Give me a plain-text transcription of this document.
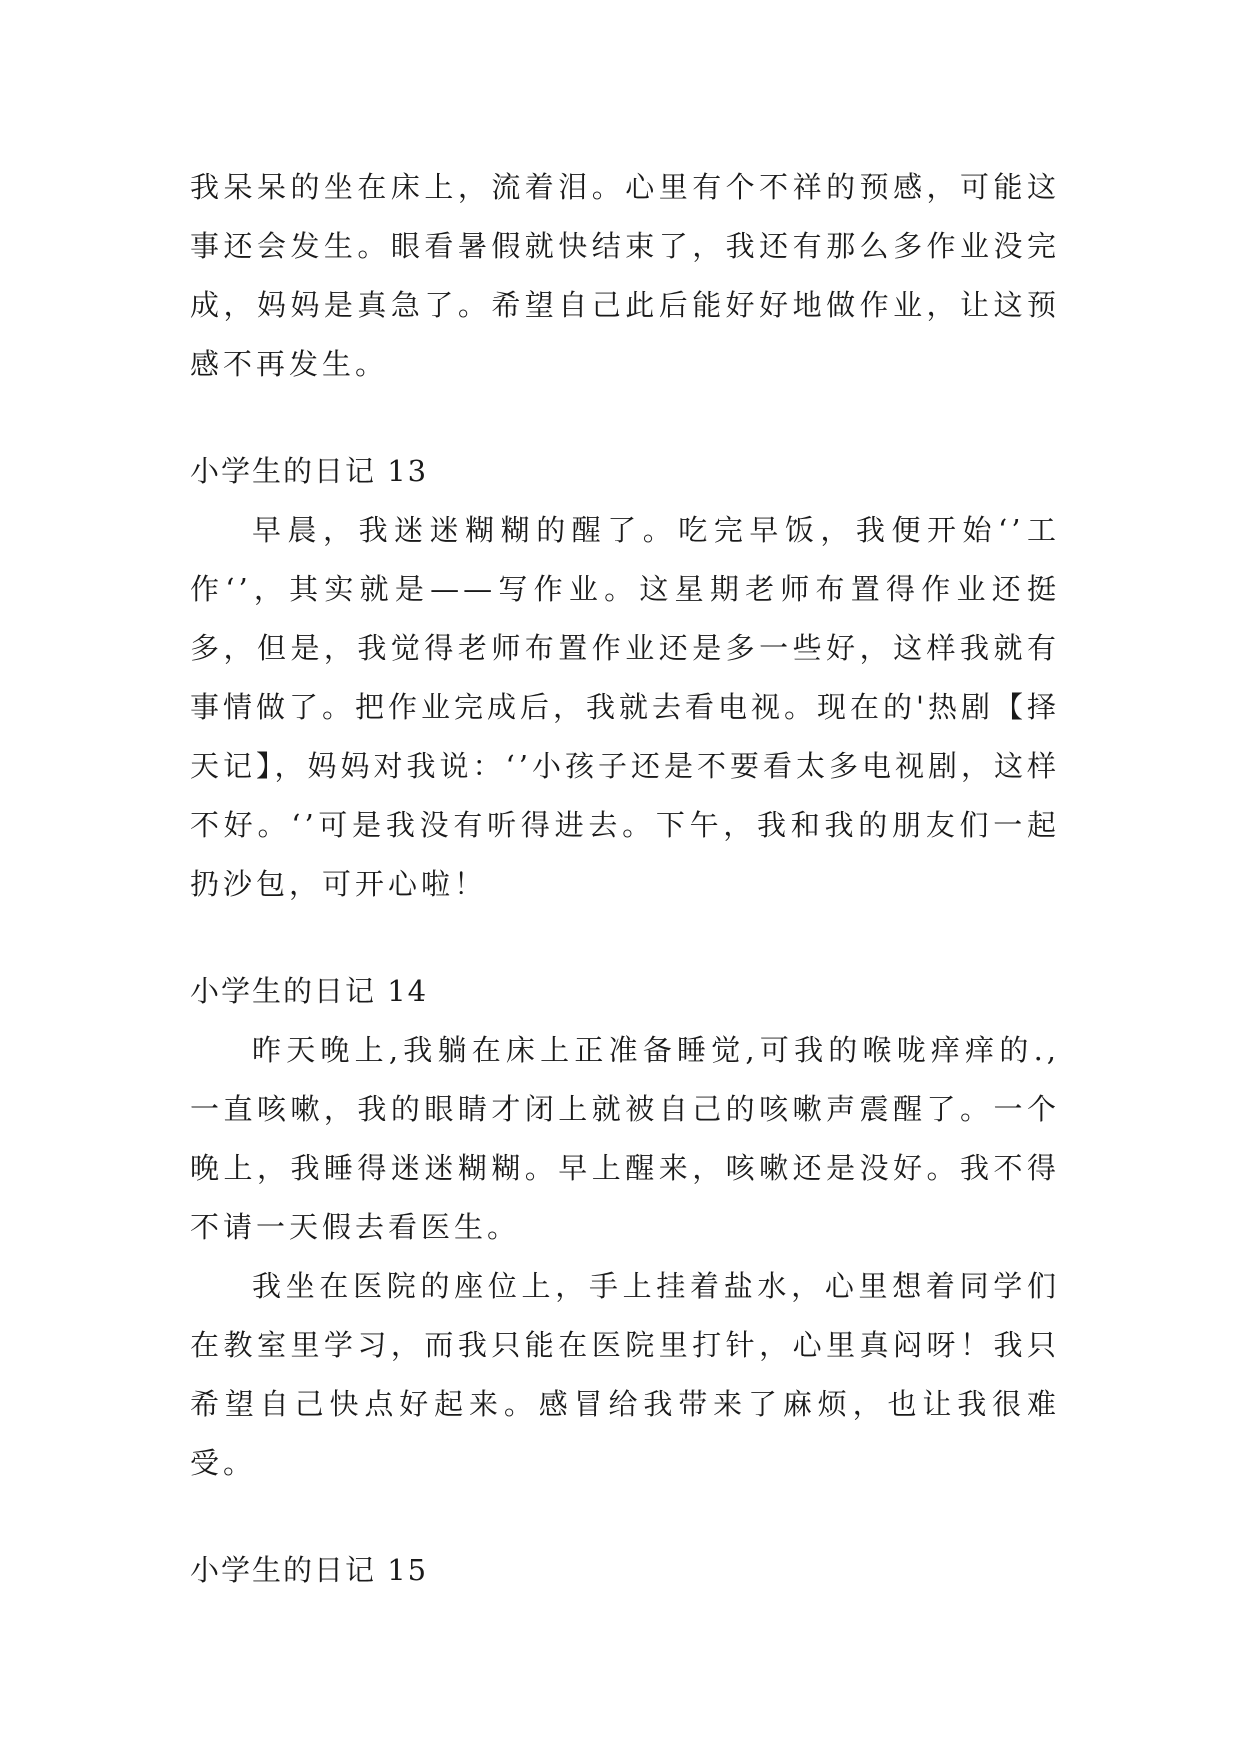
我呆呆的坐在床上，流着泪。心里有个不祥的预感，可能这事还会发生。眼看暑假就快结束了，我还有那么多作业没完成，妈妈是真急了。希望自己此后能好好地做作业，让这预感不再发生。

小学生的日记 13

早晨，我迷迷糊糊的醒了。吃完早饭，我便开始‘’工作‘’，其实就是——写作业。这星期老师布置得作业还挺多，但是，我觉得老师布置作业还是多一些好，这样我就有事情做了。把作业完成后，我就去看电视。现在的'热剧【择天记】，妈妈对我说：‘’小孩子还是不要看太多电视剧，这样不好。‘’可是我没有听得进去。下午，我和我的朋友们一起扔沙包，可开心啦！

小学生的日记 14

昨天晚上,我躺在床上正准备睡觉,可我的喉咙痒痒的.,一直咳嗽，我的眼睛才闭上就被自己的咳嗽声震醒了。一个晚上，我睡得迷迷糊糊。早上醒来，咳嗽还是没好。我不得不请一天假去看医生。

我坐在医院的座位上，手上挂着盐水，心里想着同学们在教室里学习，而我只能在医院里打针，心里真闷呀！我只希望自己快点好起来。感冒给我带来了麻烦，也让我很难受。

小学生的日记 15
